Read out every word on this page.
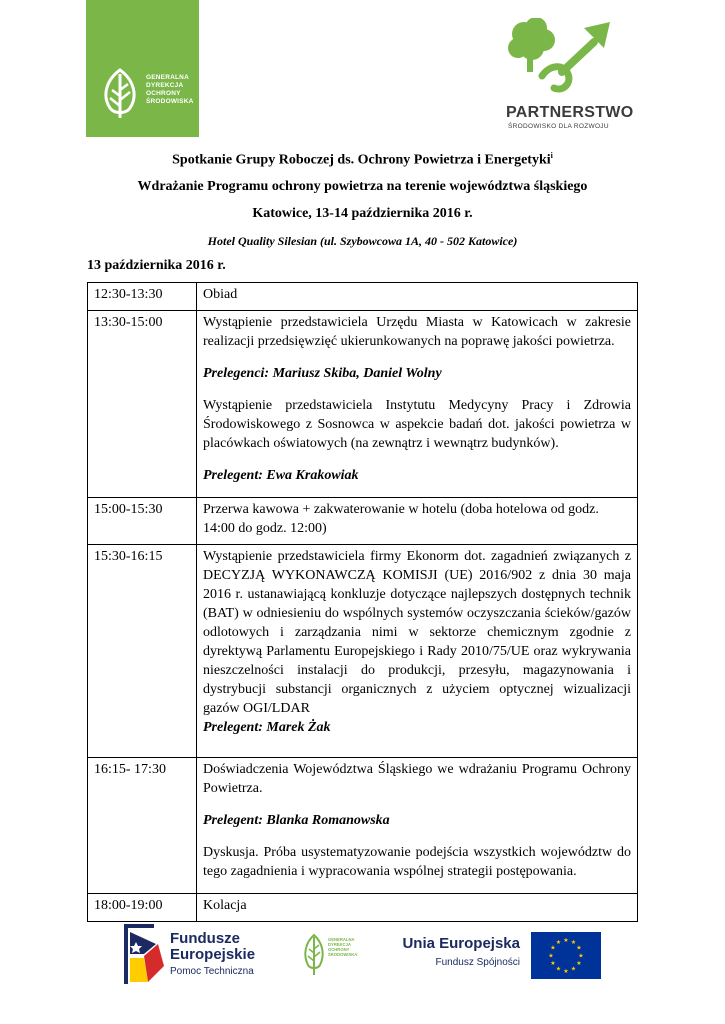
GENERALNA
DYREKCJA
OCHRONY
ŚRODOWISKA
PARTNERSTWO
ŚRODOWISKO DLA ROZWOJU
Spotkanie Grupy Roboczej ds. Ochrony Powietrza i Energetyki$^i$
Wdrażanie Programu ochrony powietrza na terenie województwa śląskiego
Katowice, 13-14 października 2016 r.
Hotel Quality Silesian (ul. Szybowcowa 1A, 40 - 502 Katowice)
13 października 2016 r.
12:30-13:30	Obiad

13:30-15:00	Wystąpienie przedstawiciela Urzędu Miasta w Katowicach w zakresie realizacji przedsięwzięć ukierunkowanych na poprawę jakości powietrza.

Prelegenci: Mariusz Skiba, Daniel Wolny

Wystąpienie przedstawiciela Instytutu Medycyny Pracy i Zdrowia Środowiskowego z Sosnowca w aspekcie badań dot. jakości powietrza w placówkach oświatowych (na zewnątrz i wewnątrz budynków).

Prelegent: Ewa Krakowiak

15:00-15:30	Przerwa kawowa + zakwaterowanie w hotelu (doba hotelowa od godz. 14:00 do godz. 12:00)

15:30-16:15	Wystąpienie przedstawiciela firmy Ekonorm dot. zagadnień związanych z DECYZJĄ WYKONAWCZĄ KOMISJI (UE) 2016/902 z dnia 30 maja 2016 r. ustanawiającą konkluzje dotyczące najlepszych dostępnych technik (BAT) w odniesieniu do wspólnych systemów oczyszczania ścieków/gazów odlotowych i zarządzania nimi w sektorze chemicznym zgodnie z dyrektywą Parlamentu Europejskiego i Rady 2010/75/UE oraz wykrywania nieszczelności instalacji do produkcji, przesyłu, magazynowania i dystrybucji substancji organicznych z użyciem optycznej wizualizacji gazów OGI/LDAR

Prelegent: Marek Żak

16:15- 17:30	Doświadczenia Województwa Śląskiego we wdrażaniu Programu Ochrony Powietrza.

Prelegent: Blanka Romanowska

Dyskusja. Próba usystematyzowanie podejścia wszystkich województw do tego zagadnienia i wypracowania wspólnej strategii postępowania.

18:00-19:00	Kolacja
Fundusze
Europejskie
Pomoc Techniczna
GENERALNA
DYREKCJA
OCHRONY
ŚRODOWISKA
Unia Europejska
Fundusz Spójności
★ ★
★
★
★
★
★
★
★
★
★
★
